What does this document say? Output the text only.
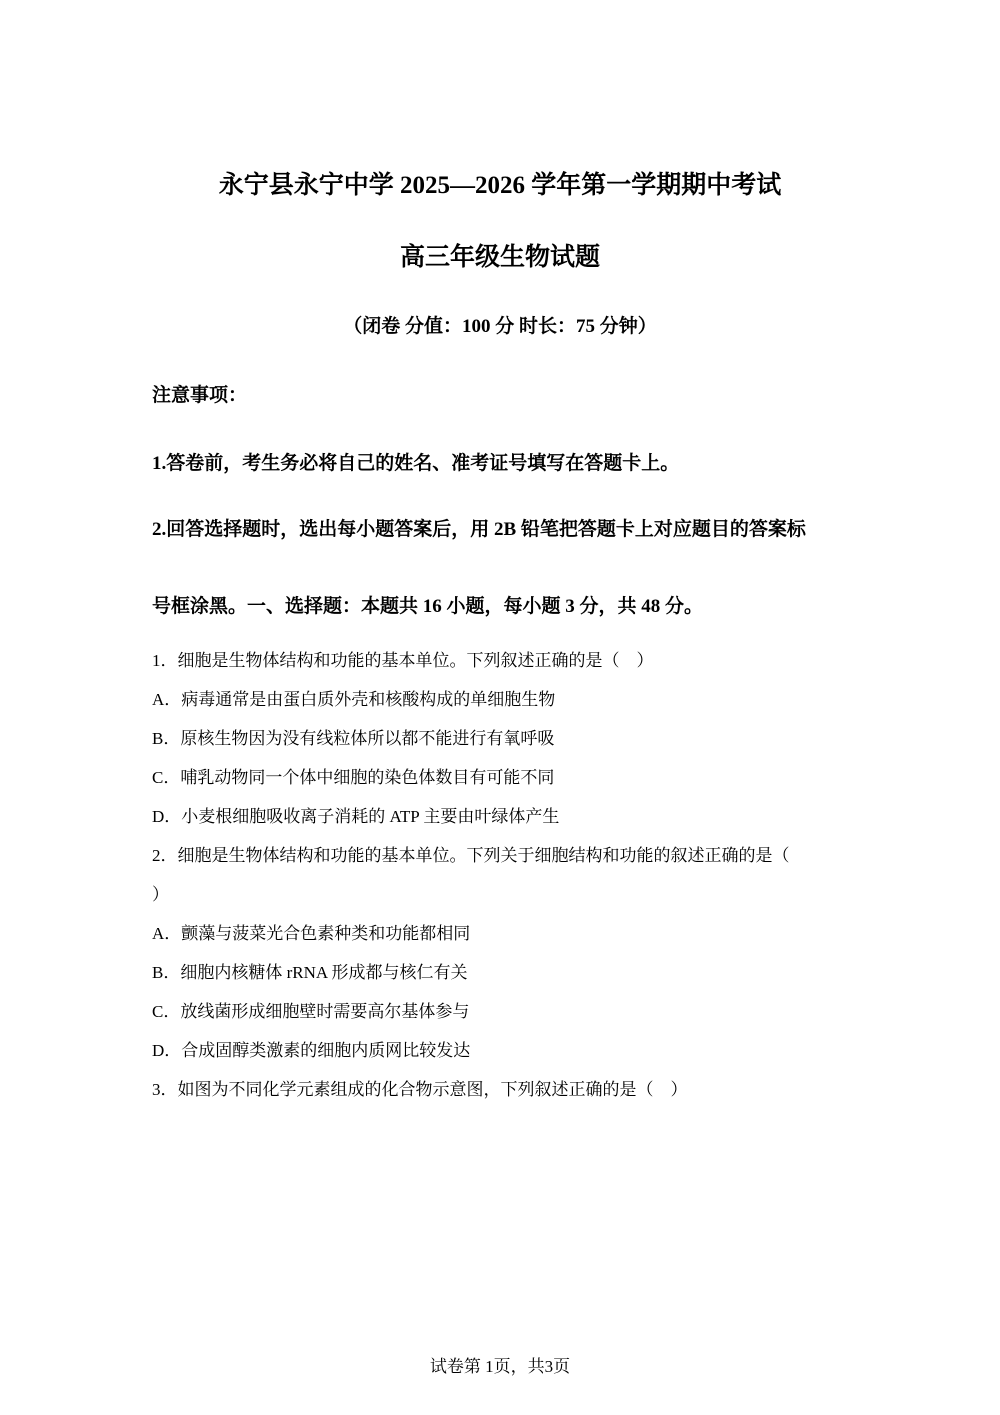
永宁县永宁中学 2025—2026 学年第一学期期中考试
高三年级生物试题
（闭卷 分值：100 分 时长：75 分钟）
注意事项：
1.答卷前，考生务必将自己的姓名、准考证号填写在答题卡上。
2.回答选择题时，选出每小题答案后，用 2B 铅笔把答题卡上对应题目的答案标
号框涂黑。一、选择题：本题共 16 小题，每小题 3 分，共 48 分。
1．细胞是生物体结构和功能的基本单位。下列叙述正确的是（　）
A．病毒通常是由蛋白质外壳和核酸构成的单细胞生物
B．原核生物因为没有线粒体所以都不能进行有氧呼吸
C．哺乳动物同一个体中细胞的染色体数目有可能不同
D．小麦根细胞吸收离子消耗的 ATP 主要由叶绿体产生
2．细胞是生物体结构和功能的基本单位。下列关于细胞结构和功能的叙述正确的是（
）
A．颤藻与菠菜光合色素种类和功能都相同
B．细胞内核糖体 rRNA 形成都与核仁有关
C．放线菌形成细胞壁时需要高尔基体参与
D．合成固醇类激素的细胞内质网比较发达
3．如图为不同化学元素组成的化合物示意图，下列叙述正确的是（　）
试卷第 1页，共3页
